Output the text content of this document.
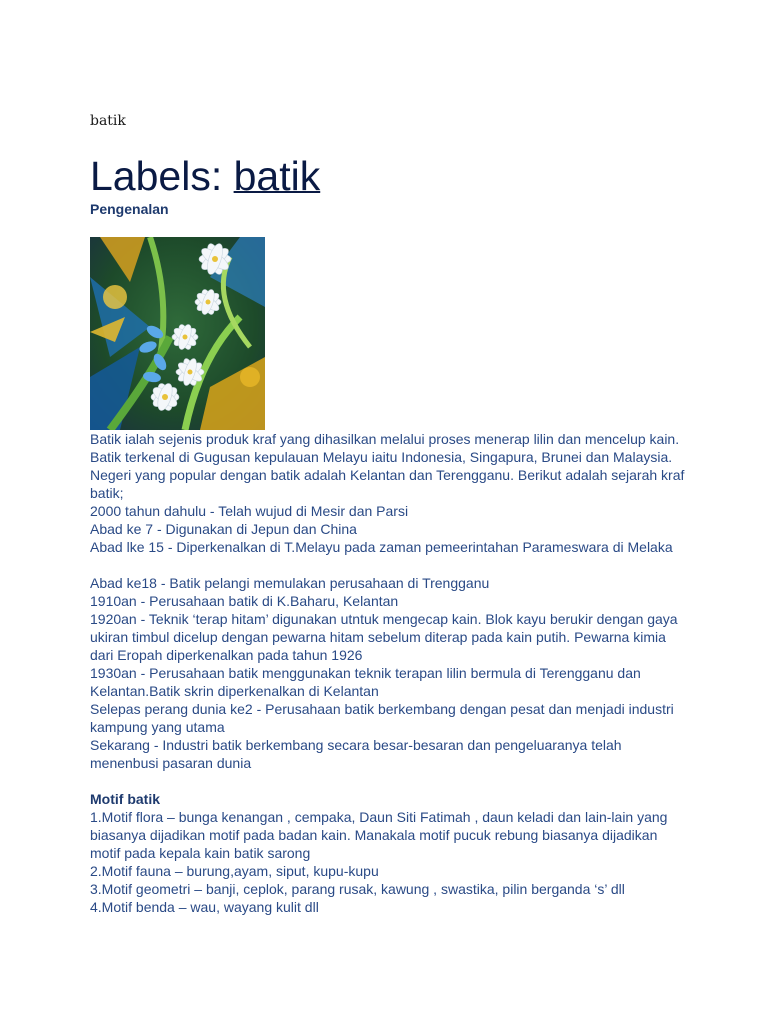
batik
Labels: batik
Pengenalan

Batik ialah sejenis produk kraf yang dihasilkan melalui proses menerap lilin dan mencelup kain. Batik terkenal di Gugusan kepulauan Melayu iaitu Indonesia, Singapura, Brunei dan Malaysia. Negeri yang popular dengan batik adalah Kelantan dan Terengganu. Berikut adalah sejarah kraf batik;

2000 tahun dahulu - Telah wujud di Mesir dan Parsi

Abad ke 7 - Digunakan di Jepun dan China

Abad lke 15 - Diperkenalkan di T.Melayu pada zaman pemeerintahan Parameswara di Melaka

Abad ke18 - Batik pelangi memulakan perusahaan di Trengganu

1910an - Perusahaan batik di K.Baharu, Kelantan

1920an - Teknik ‘terap hitam’ digunakan utntuk mengecap kain. Blok kayu berukir dengan gaya ukiran timbul dicelup dengan pewarna hitam sebelum diterap pada kain putih. Pewarna kimia dari Eropah diperkenalkan pada tahun 1926

1930an - Perusahaan batik menggunakan teknik terapan lilin bermula di Terengganu dan Kelantan.Batik skrin diperkenalkan di Kelantan

Selepas perang dunia ke2 - Perusahaan batik berkembang dengan pesat dan menjadi industri kampung yang utama

Sekarang - Industri batik berkembang secara besar-besaran dan pengeluaranya telah menenbusi pasaran dunia

Motif batik

1.Motif flora – bunga kenangan , cempaka, Daun Siti Fatimah , daun keladi dan lain-lain yang biasanya dijadikan motif pada badan kain. Manakala motif pucuk rebung biasanya dijadikan motif pada kepala kain batik sarong

2.Motif fauna – burung,ayam, siput, kupu-kupu

3.Motif geometri – banji, ceplok, parang rusak, kawung , swastika, pilin berganda ‘s’ dll

4.Motif benda – wau, wayang kulit dll
